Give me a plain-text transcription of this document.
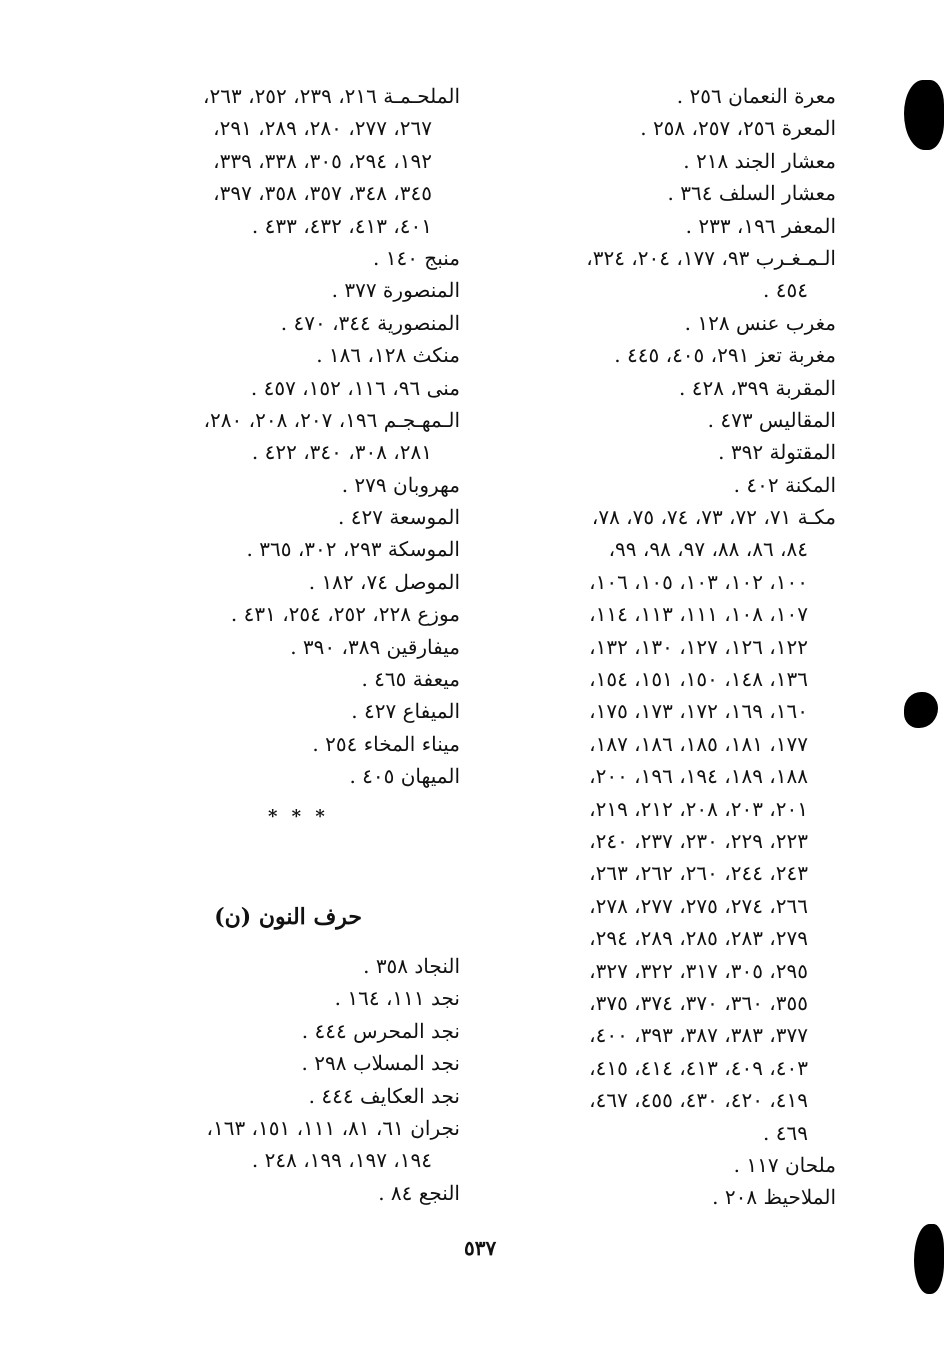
معرة النعمان ٢٥٦ .
المعرة ٢٥٦، ٢٥٧، ٢٥٨ .
معشار الجند ٢١٨ .
معشار السلف ٣٦٤ .
المعفر ١٩٦، ٢٣٣ .
الـمـغـرب ٩٣، ١٧٧، ٢٠٤، ٣٢٤،
٤٥٤ .
مغرب عنس ١٢٨ .
مغربة تعز ٢٩١، ٤٠٥، ٤٤٥ .
المقربة ٣٩٩، ٤٢٨ .
المقاليس ٤٧٣ .
المقتولة ٣٩٢ .
المكنة ٤٠٢ .
مكـة ٧١، ٧٢، ٧٣، ٧٤، ٧٥، ٧٨،
٨٤، ٨٦، ٨٨، ٩٧، ٩٨، ٩٩،
١٠٠، ١٠٢، ١٠٣، ١٠٥، ١٠٦،
١٠٧، ١٠٨، ١١١، ١١٣، ١١٤،
١٢٢، ١٢٦، ١٢٧، ١٣٠، ١٣٢،
١٣٦، ١٤٨، ١٥٠، ١٥١، ١٥٤،
١٦٠، ١٦٩، ١٧٢، ١٧٣، ١٧٥،
١٧٧، ١٨١، ١٨٥، ١٨٦، ١٨٧،
١٨٨، ١٨٩، ١٩٤، ١٩٦، ٢٠٠،
٢٠١، ٢٠٣، ٢٠٨، ٢١٢، ٢١٩،
٢٢٣، ٢٢٩، ٢٣٠، ٢٣٧، ٢٤٠،
٢٤٣، ٢٤٤، ٢٦٠، ٢٦٢، ٢٦٣،
٢٦٦، ٢٧٤، ٢٧٥، ٢٧٧، ٢٧٨،
٢٧٩، ٢٨٣، ٢٨٥، ٢٨٩، ٢٩٤،
٢٩٥، ٣٠٥، ٣١٧، ٣٢٢، ٣٢٧،
٣٥٥، ٣٦٠، ٣٧٠، ٣٧٤، ٣٧٥،
٣٧٧، ٣٨٣، ٣٨٧، ٣٩٣، ٤٠٠،
٤٠٣، ٤٠٩، ٤١٣، ٤١٤، ٤١٥،
٤١٩، ٤٢٠، ٤٣٠، ٤٥٥، ٤٦٧،
٤٦٩ .
ملحان ١١٧ .
الملاحيظ ٢٠٨ .
الملحـمـة ٢١٦، ٢٣٩، ٢٥٢، ٢٦٣،
٢٦٧، ٢٧٧، ٢٨٠، ٢٨٩، ٢٩١،
١٩٢، ٢٩٤، ٣٠٥، ٣٣٨، ٣٣٩،
٣٤٥، ٣٤٨، ٣٥٧، ٣٥٨، ٣٩٧،
٤٠١، ٤١٣، ٤٣٢، ٤٣٣ .
منبج ١٤٠ .
المنصورة ٣٧٧ .
المنصورية ٣٤٤، ٤٧٠ .
منكث ١٢٨، ١٨٦ .
منى ٩٦، ١١٦، ١٥٢، ٤٥٧ .
الـمهـجـم ١٩٦، ٢٠٧، ٢٠٨، ٢٨٠،
٢٨١، ٣٠٨، ٣٤٠، ٤٢٢ .
مهروبان ٢٧٩ .
الموسعة ٤٢٧ .
الموسكة ٢٩٣، ٣٠٢، ٣٦٥ .
الموصل ٧٤، ١٨٢ .
موزع ٢٢٨، ٢٥٢، ٢٥٤، ٤٣١ .
ميفارقين ٣٨٩، ٣٩٠ .
ميعفة ٤٦٥ .
الميفاع ٤٢٧ .
ميناء المخاء ٢٥٤ .
الميهان ٤٠٥ .
* * *
حرف النون (ن)
النجاد ٣٥٨ .
نجد ١١١، ١٦٤ .
نجد المحرس ٤٤٤ .
نجد المسلاب ٢٩٨ .
نجد العكايف ٤٤٤ .
نجران ٦١، ٨١، ١١١، ١٥١، ١٦٣،
١٩٤، ١٩٧، ١٩٩، ٢٤٨ .
النجع ٨٤ .
٥٣٧
